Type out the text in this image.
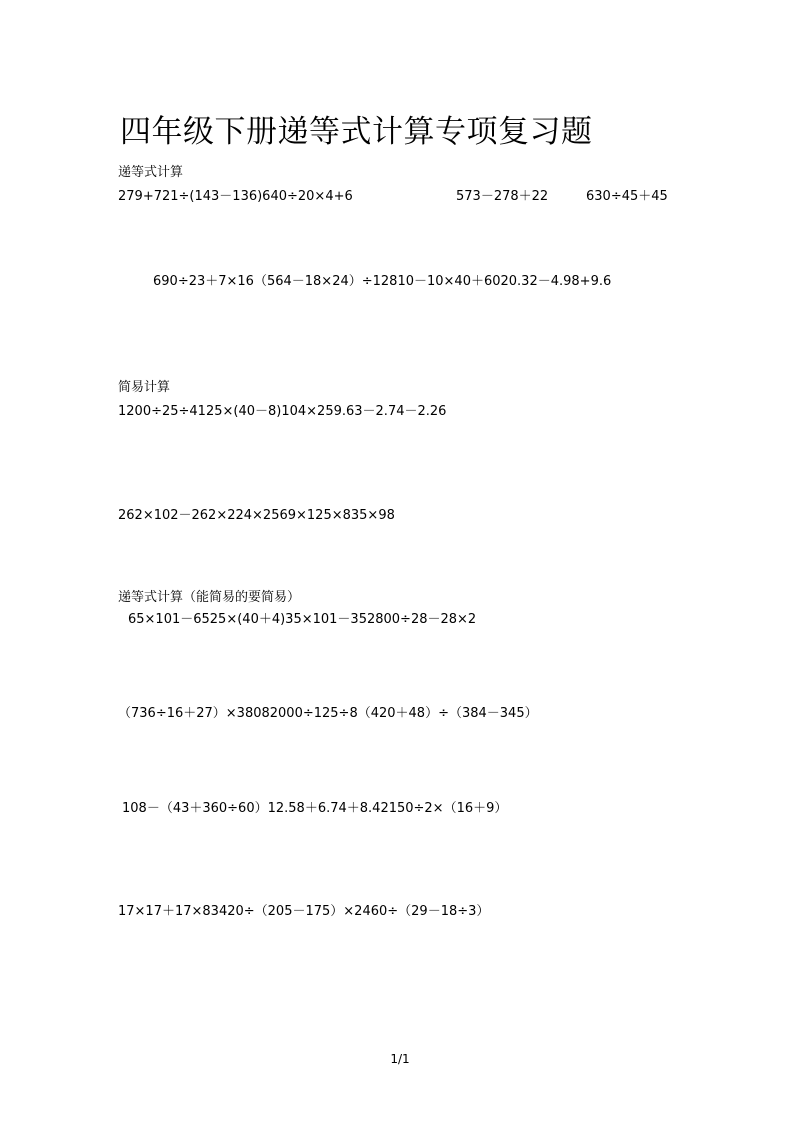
四年级下册递等式计算专项复习题
递等式计算
279+721÷(143－136)640÷20×4+6	573－278＋22	630÷45＋45
690÷23＋7×16（564－18×24）÷12810－10×40＋6020.32－4.98+9.6
简易计算
1200÷25÷4125×(40－8)104×259.63－2.74－2.26
262×102－262×224×2569×125×835×98
递等式计算（能简易的要简易）
65×101－6525×(40＋4)35×101－352800÷28－28×2
（736÷16＋27）×38082000÷125÷8（420＋48）÷（384－345）
108－（43＋360÷60）12.58＋6.74＋8.42150÷2×（16＋9）
17×17＋17×83420÷（205－175）×2460÷（29－18÷3）
1/1
